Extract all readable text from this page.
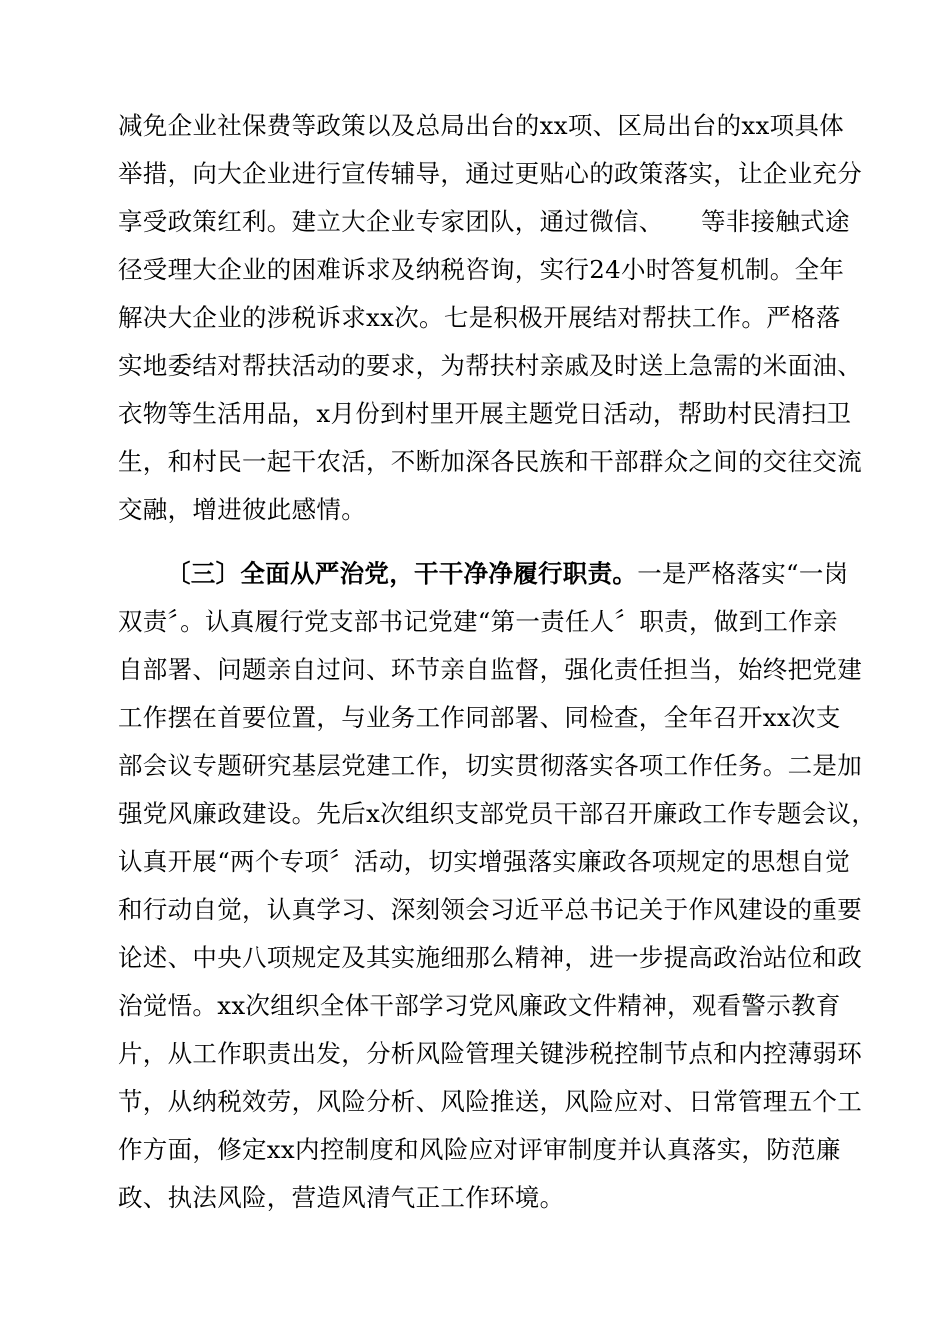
减免企业社保费等政策以及总局出台的xx项、区局出台的xx项具体
举措，向大企业进行宣传辅导，通过更贴心的政策落实，让企业充分
享受政策红利。建立大企业专家团队，通过微信、　　等非接触式途
径受理大企业的困难诉求及纳税咨询，实行24小时答复机制。全年
解决大企业的涉税诉求xx次。七是积极开展结对帮扶工作。严格落
实地委结对帮扶活动的要求，为帮扶村亲戚及时送上急需的米面油、
衣物等生活用品，x月份到村里开展主题党日活动，帮助村民清扫卫
生，和村民一起干农活，不断加深各民族和干部群众之间的交往交流
交融，增进彼此感情。
〔三〕全面从严治党，干干净净履行职责。一是严格落实“一岗
双责〞。认真履行党支部书记党建“第一责任人〞职责，做到工作亲
自部署、问题亲自过问、环节亲自监督，强化责任担当，始终把党建
工作摆在首要位置，与业务工作同部署、同检查，全年召开xx次支
部会议专题研究基层党建工作，切实贯彻落实各项工作任务。二是加
强党风廉政建设。先后x次组织支部党员干部召开廉政工作专题会议，
认真开展“两个专项〞活动，切实增强落实廉政各项规定的思想自觉
和行动自觉，认真学习、深刻领会习近平总书记关于作风建设的重要
论述、中央八项规定及其实施细那么精神，进一步提高政治站位和政
治觉悟。xx次组织全体干部学习党风廉政文件精神，观看警示教育
片，从工作职责出发，分析风险管理关键涉税控制节点和内控薄弱环
节，从纳税效劳，风险分析、风险推送，风险应对、日常管理五个工
作方面，修定xx内控制度和风险应对评审制度并认真落实，防范廉
政、执法风险，营造风清气正工作环境。
